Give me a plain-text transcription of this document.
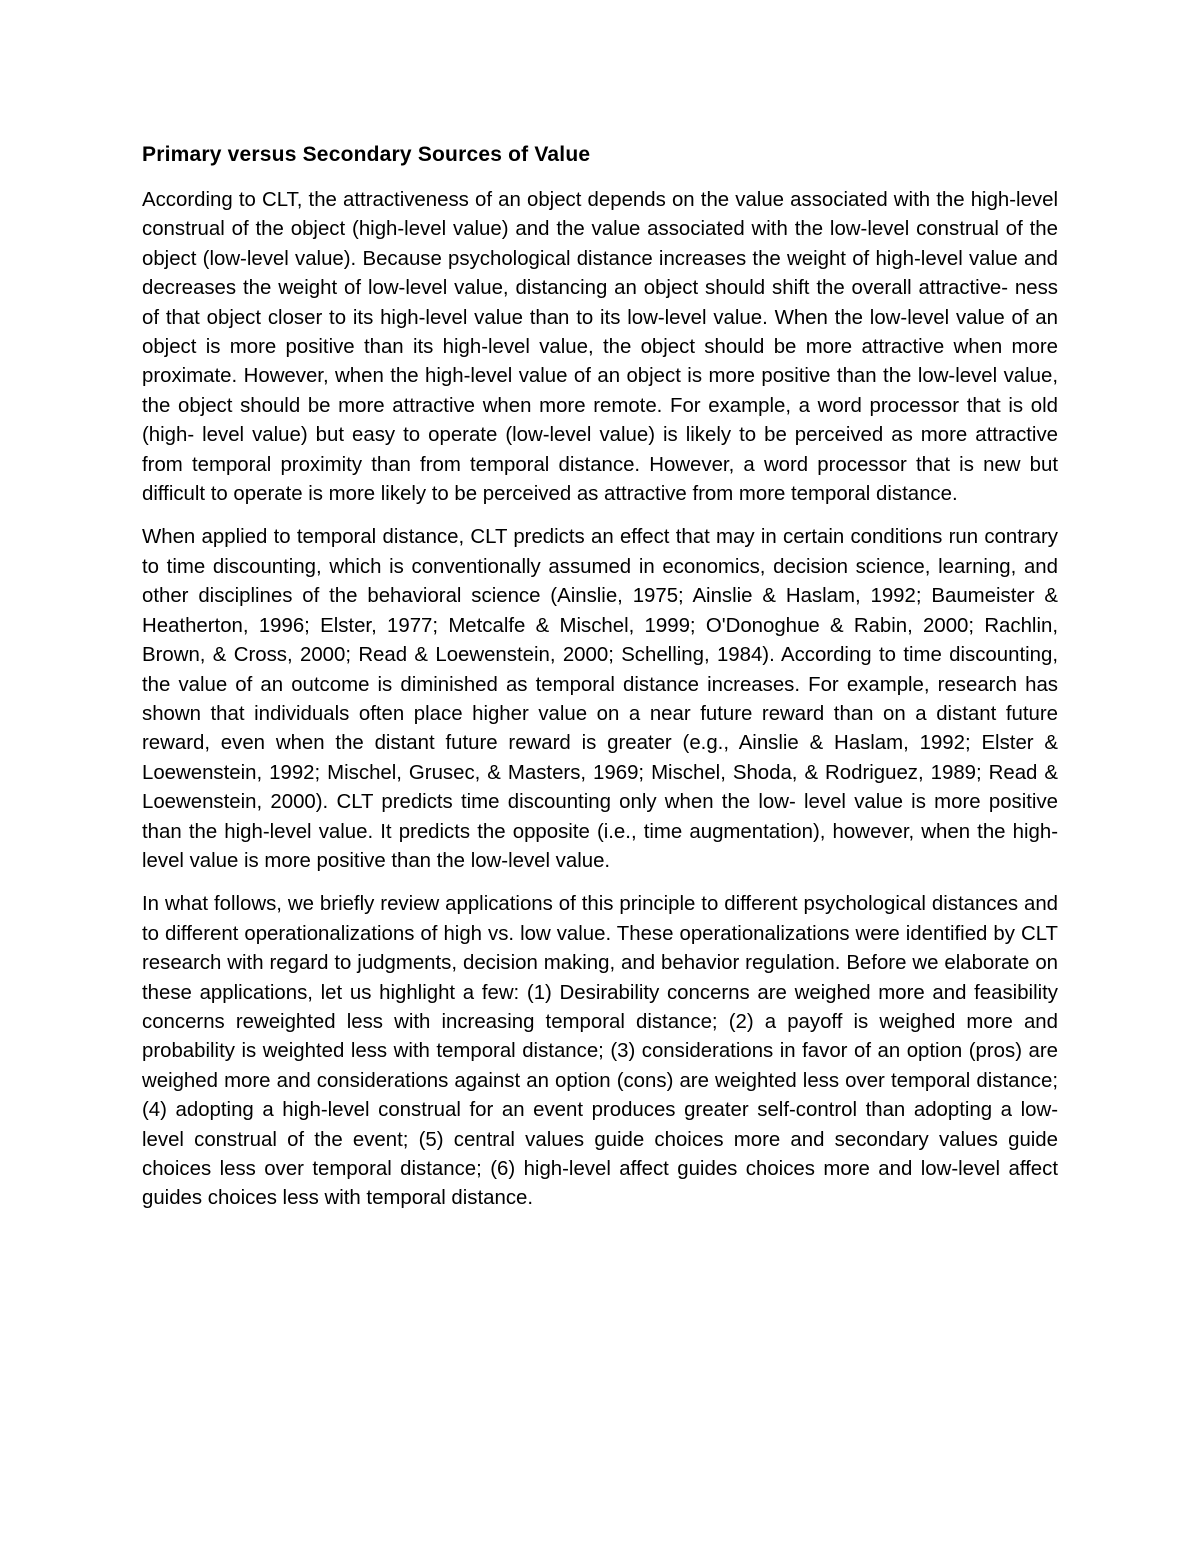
Primary versus Secondary Sources of Value

According to CLT, the attractiveness of an object depends on the value associated with the high-level construal of the object (high-level value) and the value associated with the low-level construal of the object (low-level value). Because psychological distance increases the weight of high-level value and decreases the weight of low-level value, distancing an object should shift the overall attractive- ness of that object closer to its high-level value than to its low-level value. When the low-level value of an object is more positive than its high-level value, the object should be more attractive when more proximate. However, when the high-level value of an object is more positive than the low-level value, the object should be more attractive when more remote. For example, a word processor that is old (high- level value) but easy to operate (low-level value) is likely to be perceived as more attractive from temporal proximity than from temporal distance. However, a word processor that is new but difficult to operate is more likely to be perceived as attractive from more temporal distance.

When applied to temporal distance, CLT predicts an effect that may in certain conditions run contrary to time discounting, which is conventionally assumed in economics, decision science, learning, and other disciplines of the behavioral science (Ainslie, 1975; Ainslie & Haslam, 1992; Baumeister & Heatherton, 1996; Elster, 1977; Metcalfe & Mischel, 1999; O'Donoghue & Rabin, 2000; Rachlin, Brown, & Cross, 2000; Read & Loewenstein, 2000; Schelling, 1984). According to time discounting, the value of an outcome is diminished as temporal distance increases. For example, research has shown that individuals often place higher value on a near future reward than on a distant future reward, even when the distant future reward is greater (e.g., Ainslie & Haslam, 1992; Elster & Loewenstein, 1992; Mischel, Grusec, & Masters, 1969; Mischel, Shoda, & Rodriguez, 1989; Read & Loewenstein, 2000). CLT predicts time discounting only when the low- level value is more positive than the high-level value. It predicts the opposite (i.e., time augmentation), however, when the high-level value is more positive than the low-level value.

In what follows, we briefly review applications of this principle to different psychological distances and to different operationalizations of high vs. low value. These operationalizations were identified by CLT research with regard to judgments, decision making, and behavior regulation. Before we elaborate on these applications, let us highlight a few: (1) Desirability concerns are weighed more and feasibility concerns reweighted less with increasing temporal distance; (2) a payoff is weighed more and probability is weighted less with temporal distance; (3) considerations in favor of an option (pros) are weighed more and considerations against an option (cons) are weighted less over temporal distance; (4) adopting a high-level construal for an event produces greater self-control than adopting a low-level construal of the event; (5) central values guide choices more and secondary values guide choices less over temporal distance; (6) high-level affect guides choices more and low-level affect guides choices less with temporal distance.
